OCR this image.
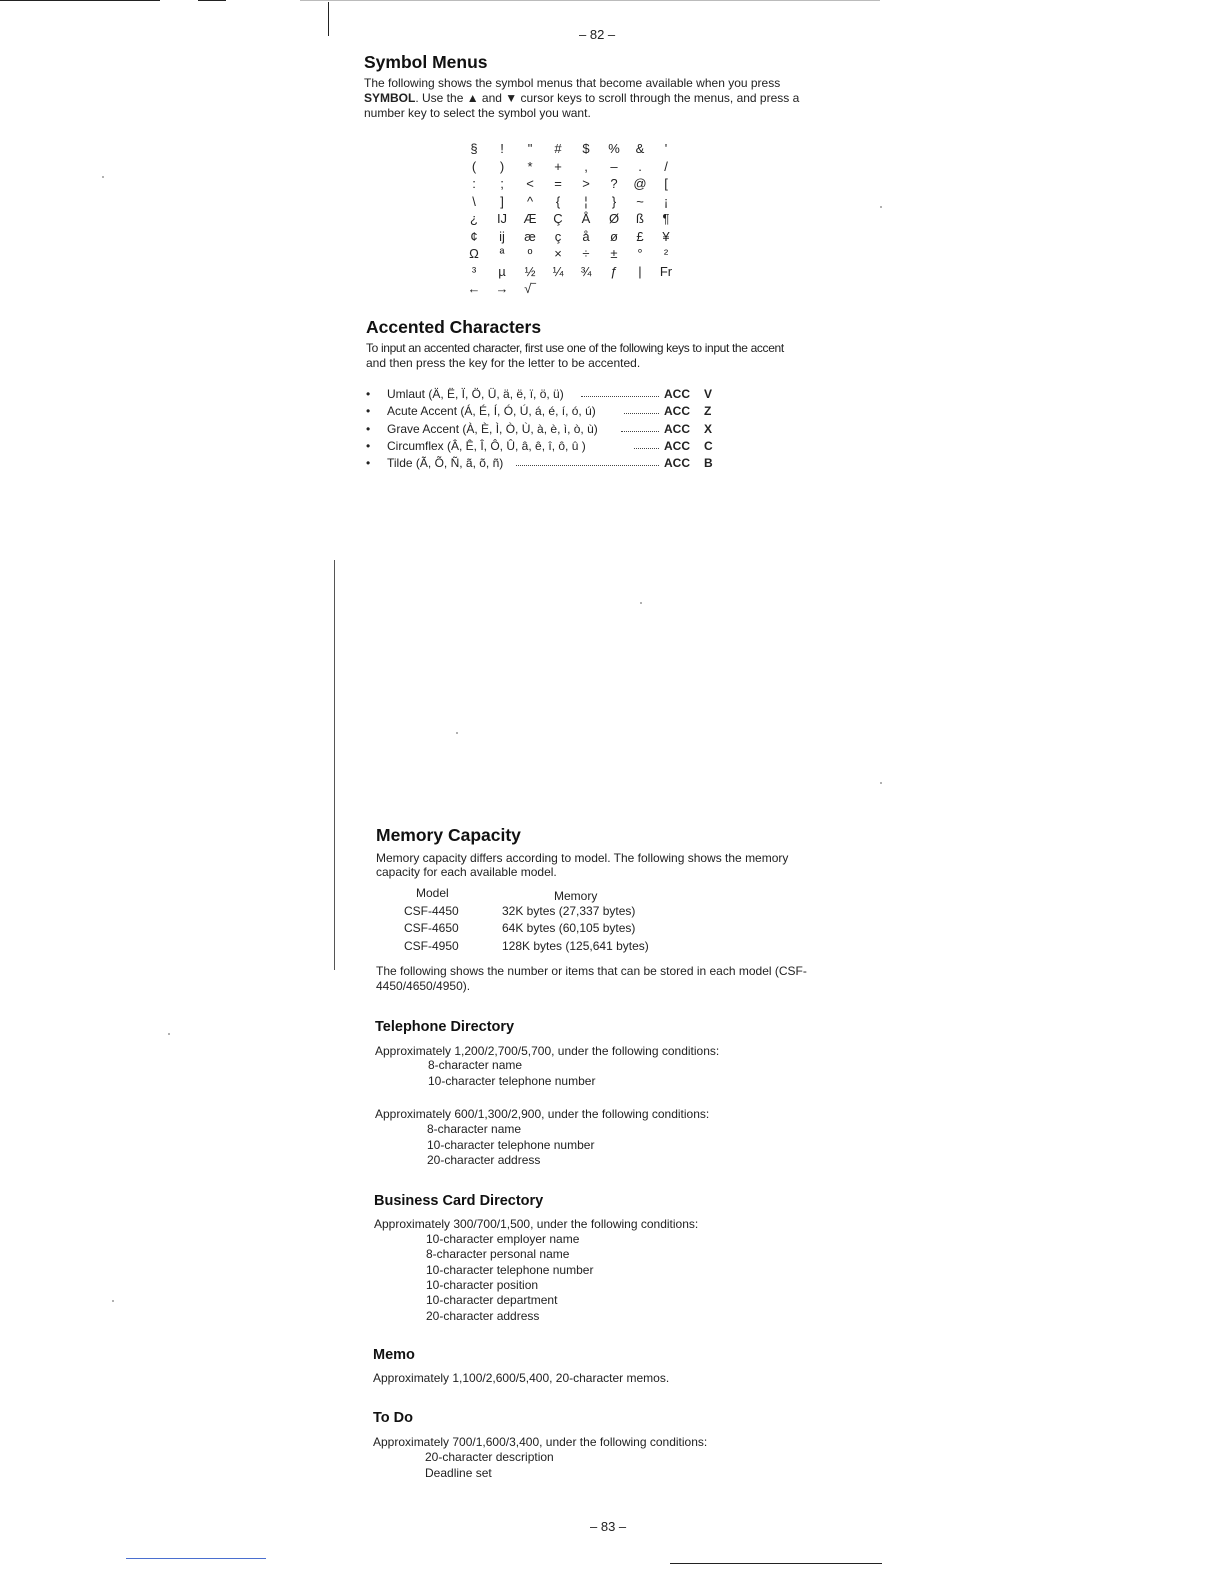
– 82 –
Symbol Menus
The following shows the symbol menus that become available when you press
SYMBOL. Use the ▲ and ▼ cursor keys to scroll through the menus, and press a
number key to select the symbol you want.
§	!	"	#	$	%	&	'
(	)	*	+	,	–	.	/
:	;	<	=	>	?	@	[
\	]	^	{	¦	}	~	¡
¿	IJ	Æ	Ç	Å	Ø	ß	¶
¢	ij	æ	ç	å	ø	£	¥
Ω	ª	º	×	÷	±	°	²
³	µ	½	¼	¾	ƒ	|	Fr
←	→	√‾
Accented Characters
To input an accented character, first use one of the following keys to input the accent
and then press the key for the letter to be accented.
• Umlaut (Ä, Ë, Ï, Ö, Ü, ä, ë, ï, ö, ü)	ACC V
• Acute Accent (Á, É, Í, Ó, Ú, á, é, í, ó, ú)	ACC Z
• Grave Accent (À, È, Ì, Ò, Ù, à, è, ì, ò, ù)	ACC X
• Circumflex (Â, Ê, Î, Ô, Û, â, ê, î, ô, û )	ACC C
• Tilde (Ã, Õ, Ñ, ã, õ, ñ)	ACC B
Memory Capacity
Memory capacity differs according to model. The following shows the memory
capacity for each available model.
Model	Memory
CSF-4450	32K bytes (27,337 bytes)
CSF-4650	64K bytes (60,105 bytes)
CSF-4950	128K bytes (125,641 bytes)
The following shows the number or items that can be stored in each model (CSF-
4450/4650/4950).
Telephone Directory
Approximately 1,200/2,700/5,700, under the following conditions:
8-character name
10-character telephone number
Approximately 600/1,300/2,900, under the following conditions:
8-character name
10-character telephone number
20-character address
Business Card Directory
Approximately 300/700/1,500, under the following conditions:
10-character employer name
8-character personal name
10-character telephone number
10-character position
10-character department
20-character address
Memo
Approximately 1,100/2,600/5,400, 20-character memos.
To Do
Approximately 700/1,600/3,400, under the following conditions:
20-character description
Deadline set
– 83 –
